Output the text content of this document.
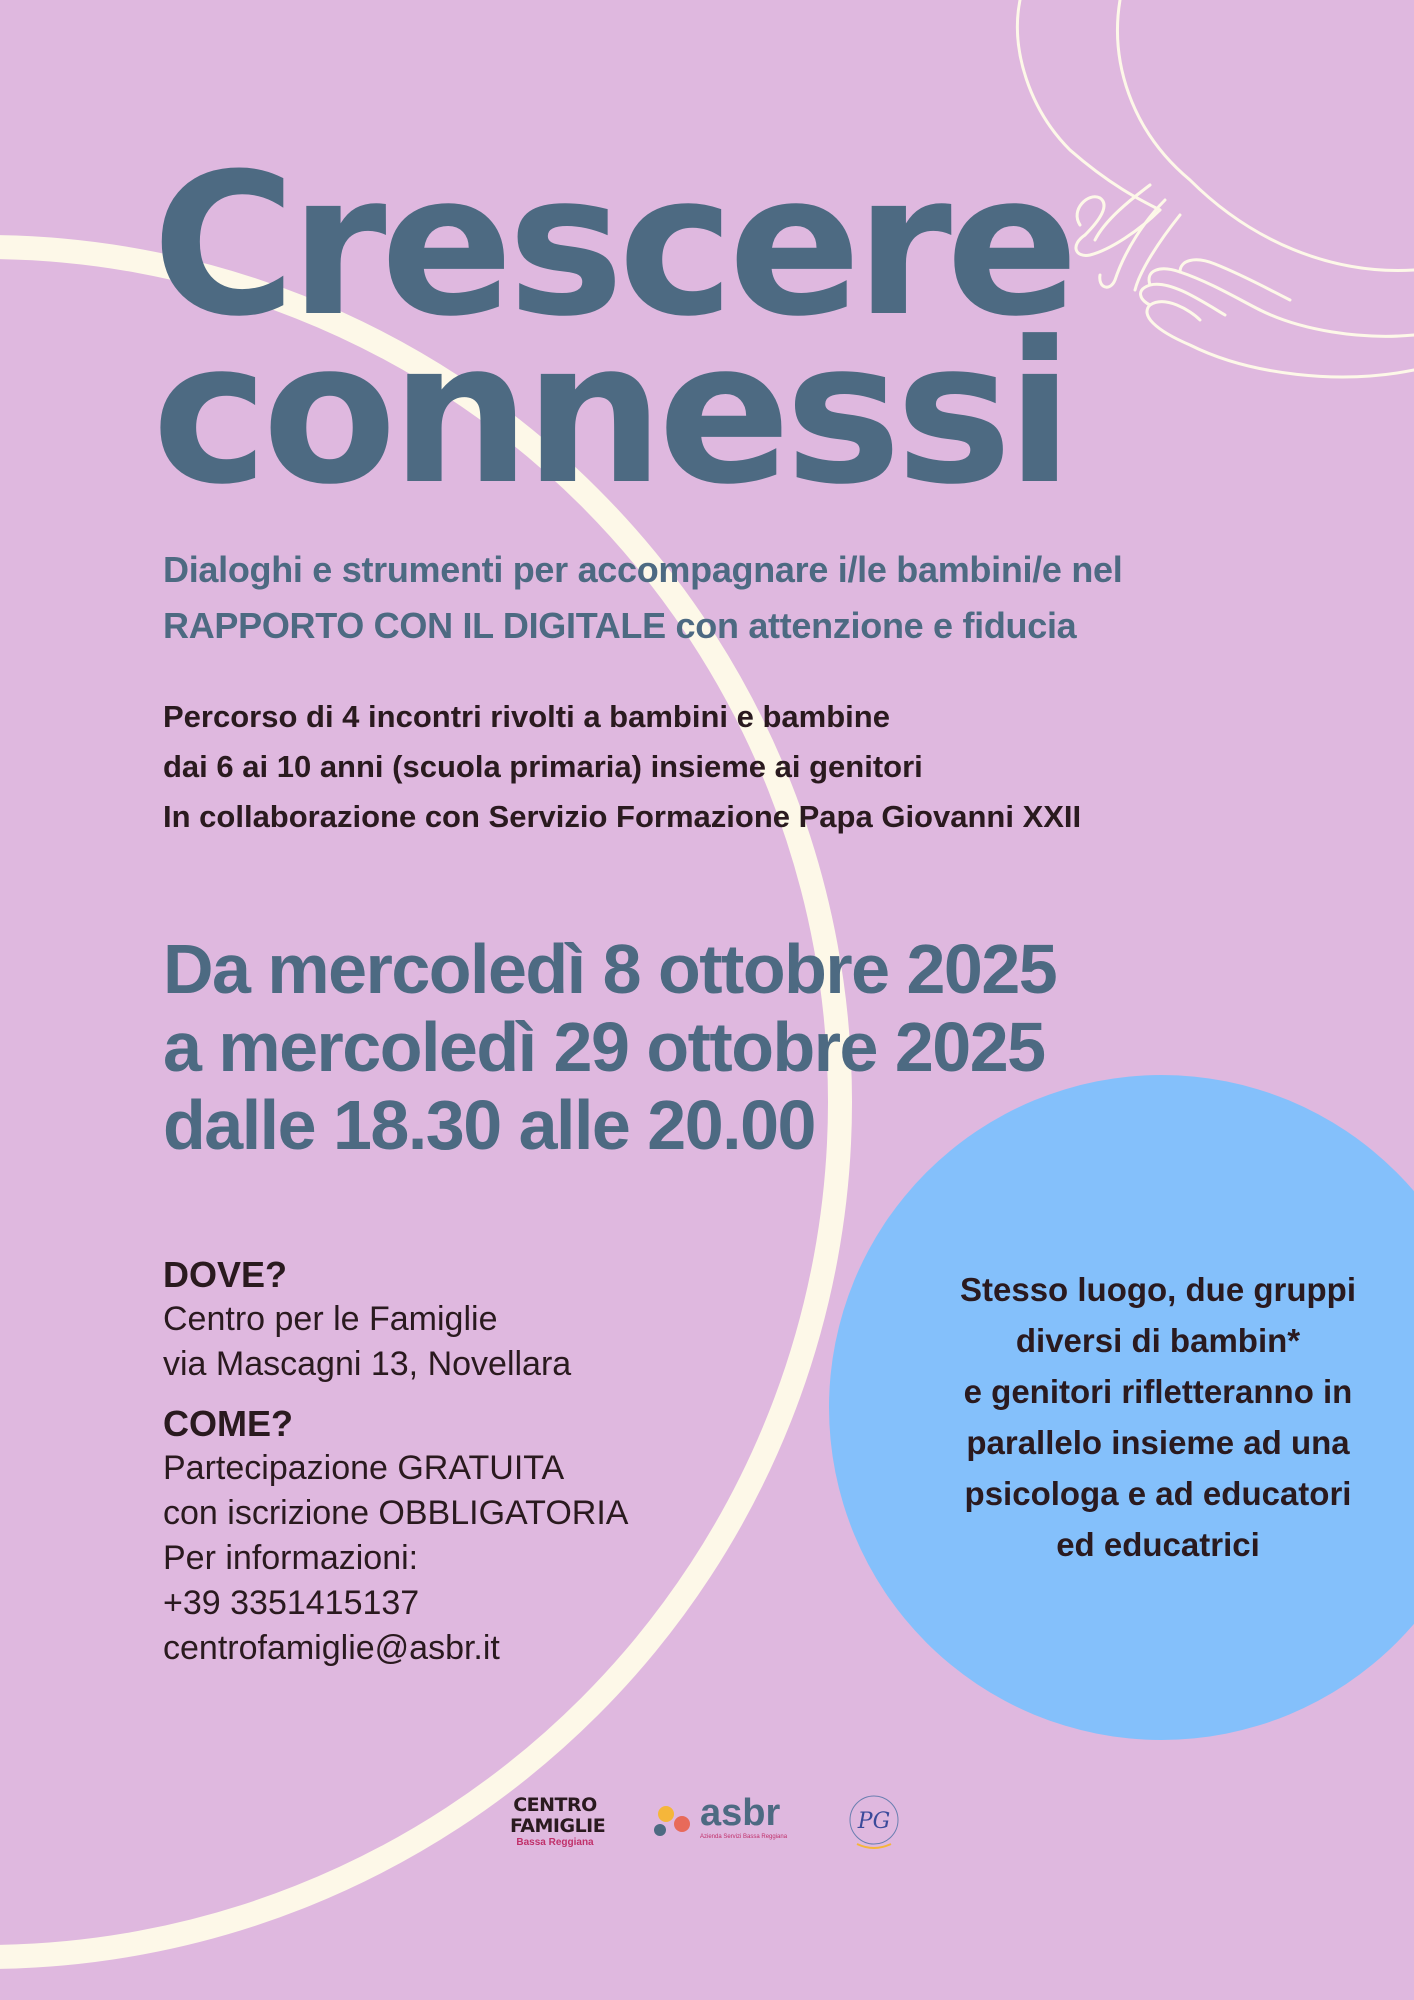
Crescere
connessi
Dialoghi e strumenti per accompagnare i/le bambini/e nel
RAPPORTO CON IL DIGITALE con attenzione e fiducia
Percorso di 4 incontri rivolti a bambini e bambine
dai 6 ai 10 anni (scuola primaria) insieme ai genitori
In collaborazione con Servizio Formazione Papa Giovanni XXII
Da mercoledì 8 ottobre 2025
a mercoledì 29 ottobre 2025
dalle 18.30 alle 20.00
Stesso luogo, due gruppi
diversi di bambin*
e genitori rifletteranno in
parallelo insieme ad una
psicologa e ad educatori
ed educatrici
DOVE?
Centro per le Famiglie
via Mascagni 13, Novellara
COME?
Partecipazione GRATUITA
con iscrizione OBBLIGATORIA
Per informazioni:
+39 3351415137
centrofamiglie@asbr.it
CENTRO
FAMIGLIE
Bassa Reggiana
asbr
Azienda Servizi Bassa Reggiana
PG
